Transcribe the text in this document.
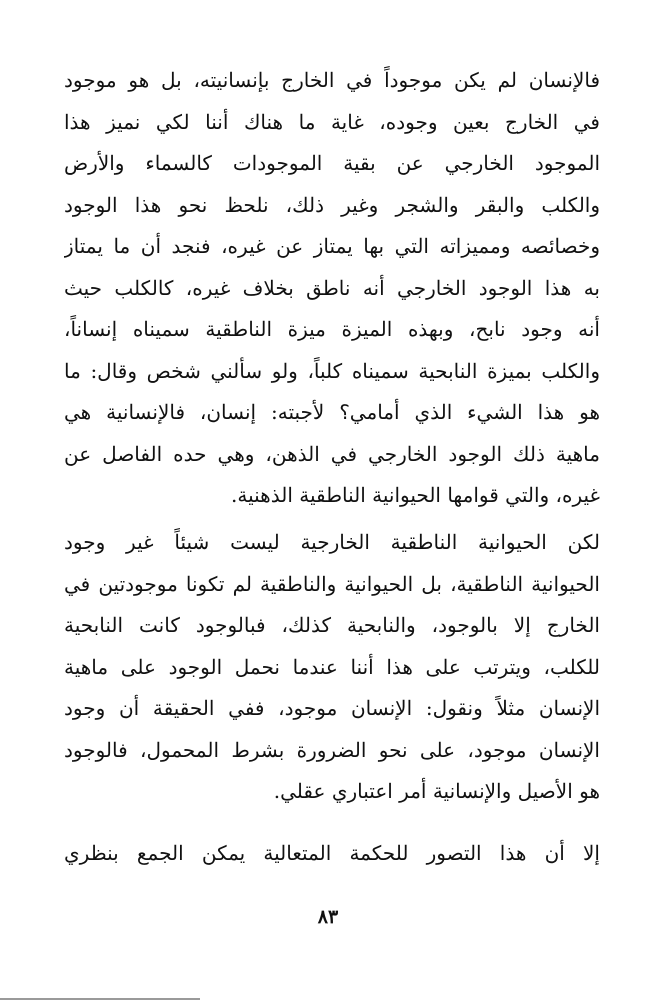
فالإنسان لم يكن موجوداً في الخارج بإنسانيته، بل هو موجود
في الخارج بعين وجوده، غاية ما هناك أننا لكي نميز هذا
الموجود الخارجي عن بقية الموجودات كالسماء والأرض
والكلب والبقر والشجر وغير ذلك، نلحظ نحو هذا الوجود
وخصائصه ومميزاته التي بها يمتاز عن غيره، فنجد أن ما يمتاز
به هذا الوجود الخارجي أنه ناطق بخلاف غيره، كالكلب حيث
أنه وجود نابح، وبهذه الميزة ميزة الناطقية سميناه إنساناً،
والكلب بميزة النابحية سميناه كلباً، ولو سألني شخص وقال: ما
هو هذا الشيء الذي أمامي؟ لأجبته: إنسان، فالإنسانية هي
ماهية ذلك الوجود الخارجي في الذهن، وهي حده الفاصل عن
غيره، والتي قوامها الحيوانية الناطقية الذهنية.
لكن الحيوانية الناطقية الخارجية ليست شيئاً غير وجود
الحيوانية الناطقية، بل الحيوانية والناطقية لم تكونا موجودتين في
الخارج إلا بالوجود، والنابحية كذلك، فبالوجود كانت النابحية
للكلب، ويترتب على هذا أننا عندما نحمل الوجود على ماهية
الإنسان مثلاً ونقول: الإنسان موجود، ففي الحقيقة أن وجود
الإنسان موجود، على نحو الضرورة بشرط المحمول، فالوجود
هو الأصيل والإنسانية أمر اعتباري عقلي.
إلا أن هذا التصور للحكمة المتعالية يمكن الجمع بنظري
٨٣
